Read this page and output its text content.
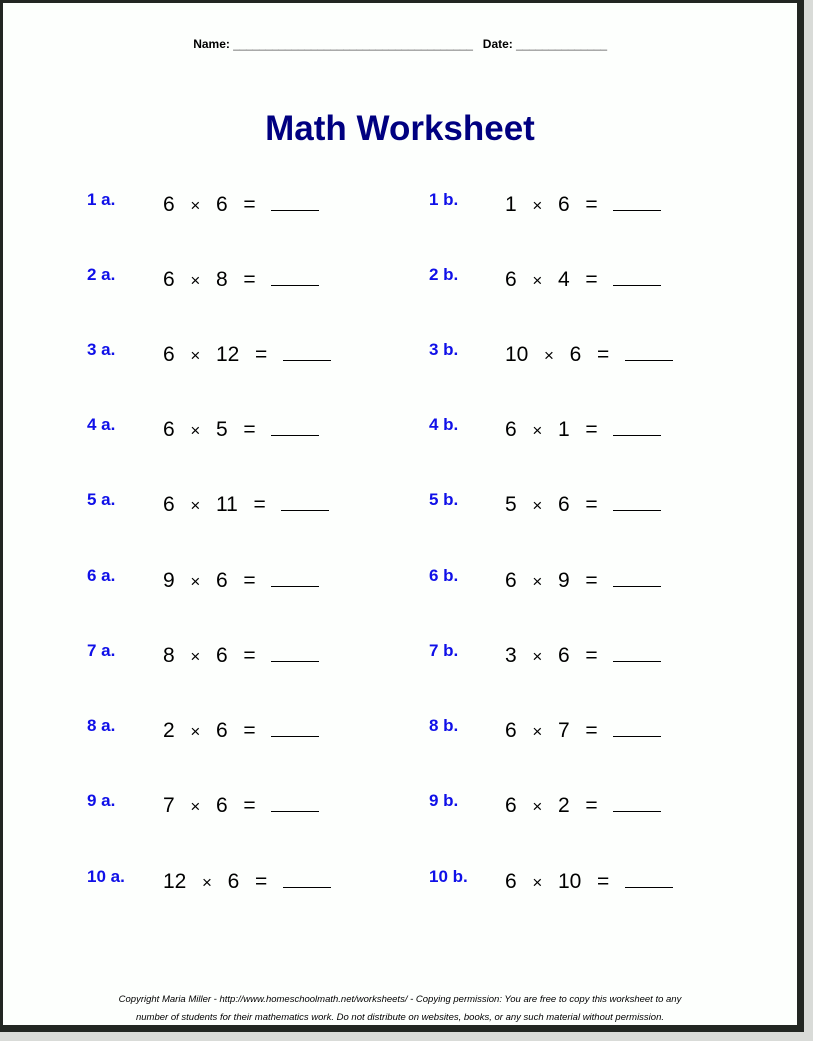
Name: _____________________________________ Date: ______________
Math Worksheet
1 a. 6 × 6 =
2 a. 6 × 8 =
3 a. 6 × 12 =
4 a. 6 × 5 =
5 a. 6 × 11 =
6 a. 9 × 6 =
7 a. 8 × 6 =
8 a. 2 × 6 =
9 a. 7 × 6 =
10 a. 12 × 6 =
1 b. 1 × 6 =
2 b. 6 × 4 =
3 b. 10 × 6 =
4 b. 6 × 1 =
5 b. 5 × 6 =
6 b. 6 × 9 =
7 b. 3 × 6 =
8 b. 6 × 7 =
9 b. 6 × 2 =
10 b. 6 × 10 =

Copyright Maria Miller - http://www.homeschoolmath.net/worksheets/ - Copying permission: You are free to copy this worksheet to any

number of students for their mathematics work. Do not distribute on websites, books, or any such material without permission.
